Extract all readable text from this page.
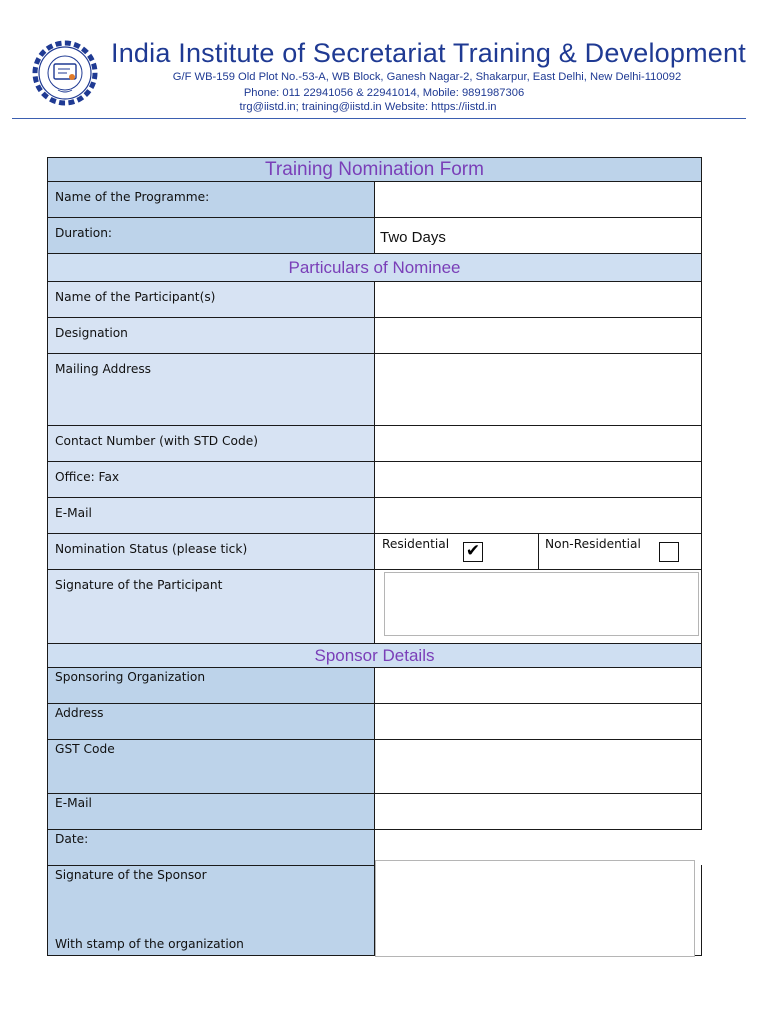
India Institute of Secretariat Training & Development
G/F WB-159 Old Plot No.-53-A, WB Block, Ganesh Nagar-2, Shakarpur, East Delhi, New Delhi-110092
Phone: 011 22941056 & 22941014, Mobile: 9891987306
trg@iistd.in; training@iistd.in Website: https://iistd.in
Training Nomination Form
Name of the Programme:
Duration:	Two Days
Particulars of Nominee
Name of the Participant(s)
Designation
Mailing Address
Contact Number (with STD Code)
Office: Fax
E-Mail
Nomination Status (please tick)	Residential ✔	Non-Residential
Signature of the Participant
Sponsor Details
Sponsoring Organization
Address
GST Code
E-Mail
Date:
Signature of the Sponsor
With stamp of the organization
